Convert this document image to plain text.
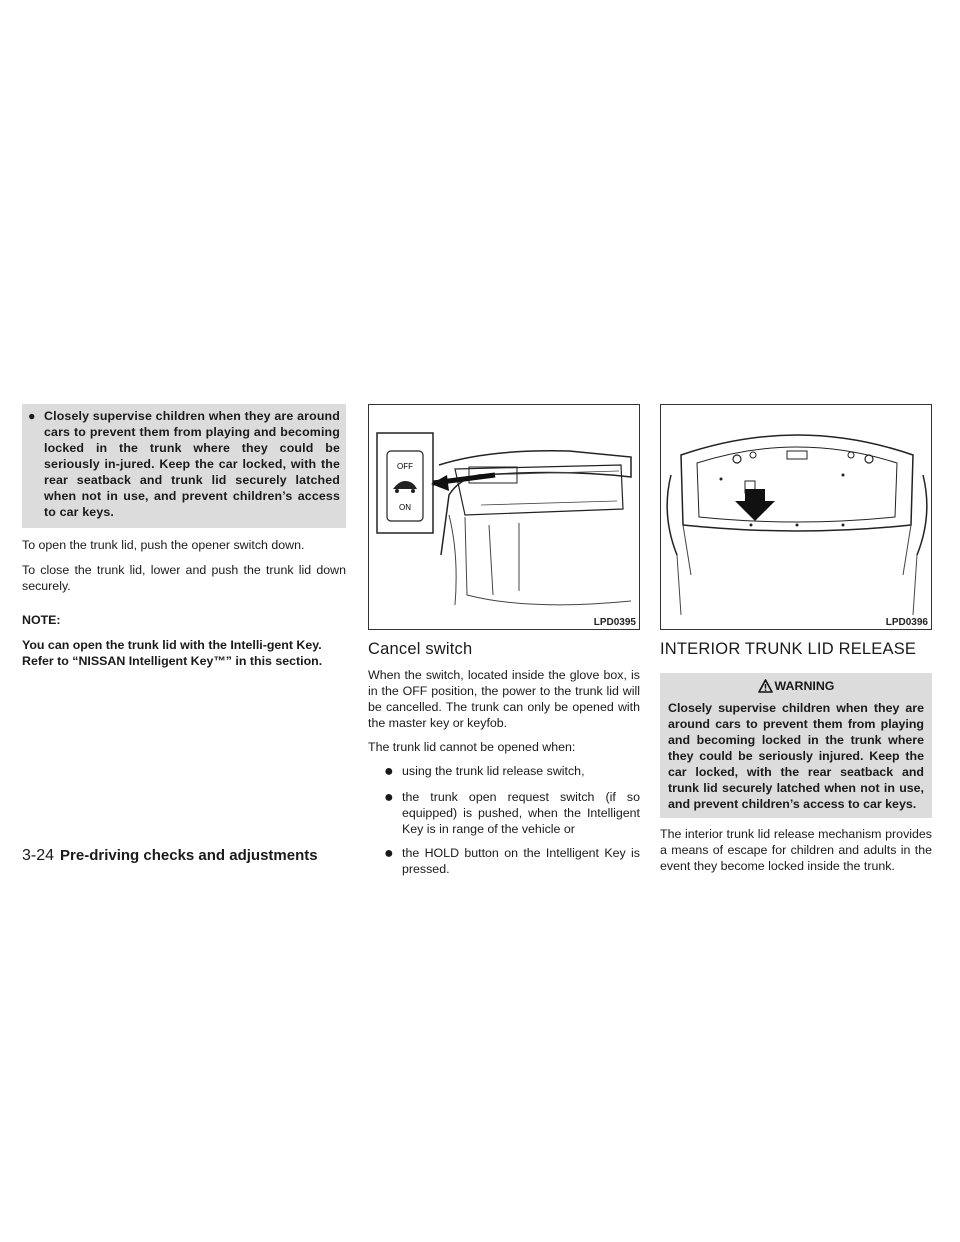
● Closely supervise children when they are around cars to prevent them from playing and becoming locked in the trunk where they could be seriously in-jured. Keep the car locked, with the rear seatback and trunk lid securely latched when not in use, and prevent children’s access to car keys.

To open the trunk lid, push the opener switch down.

To close the trunk lid, lower and push the trunk lid down securely.

NOTE:

You can open the trunk lid with the Intelli-gent Key. Refer to “NISSAN Intelligent Key™” in this section.

OFF
ON
LPD0395
Cancel switch

When the switch, located inside the glove box, is in the OFF position, the power to the trunk lid will be cancelled. The trunk can only be opened with the master key or keyfob.

The trunk lid cannot be opened when:

● using the trunk lid release switch,
● the trunk open request switch (if so equipped) is pushed, when the Intelligent Key is in range of the vehicle or
● the HOLD button on the Intelligent Key is pressed.
LPD0396
INTERIOR TRUNK LID RELEASE
WARNING
Closely supervise children when they are around cars to prevent them from playing and becoming locked in the trunk where they could be seriously injured. Keep the car locked, with the rear seatback and trunk lid securely latched when not in use, and prevent children’s access to car keys.

The interior trunk lid release mechanism provides a means of escape for children and adults in the event they become locked inside the trunk.

3-24 Pre-driving checks and adjustments
